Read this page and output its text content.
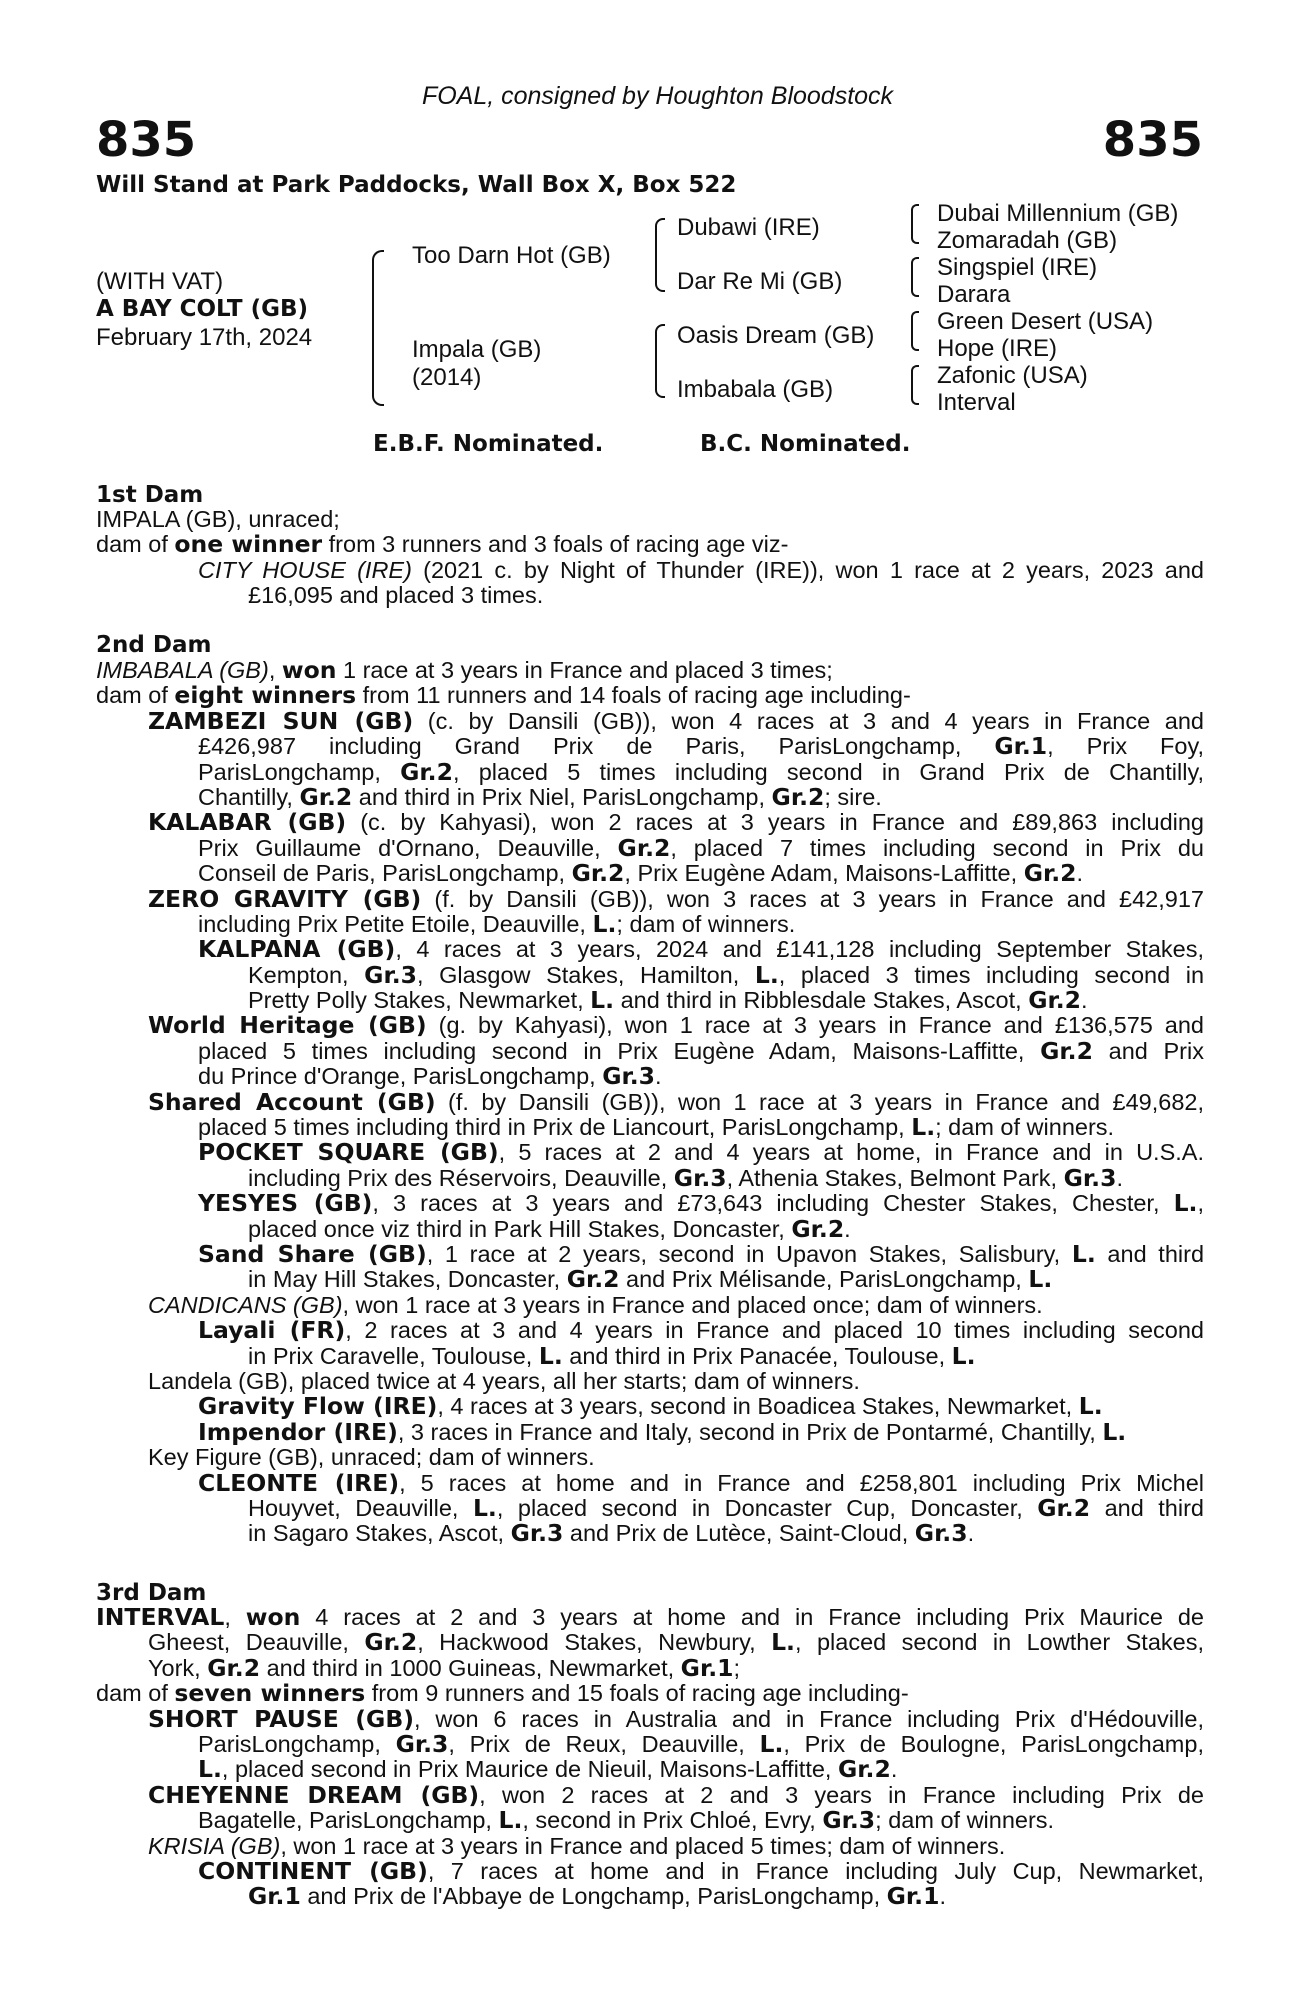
FOAL, consigned by Houghton Bloodstock
835	835
Will Stand at Park Paddocks, Wall Box X, Box 522
(WITH VAT)
A BAY COLT (GB)
February 17th, 2024
Too Darn Hot (GB)
Impala (GB)
(2014)
Dubawi (IRE)
Dar Re Mi (GB)
Oasis Dream (GB)
Imbabala (GB)
Dubai Millennium (GB)
Zomaradah (GB)
Singspiel (IRE)
Darara
Green Desert (USA)
Hope (IRE)
Zafonic (USA)
Interval
E.B.F. Nominated.	B.C. Nominated.
1st Dam
IMPALA (GB), unraced;
dam of one winner from 3 runners and 3 foals of racing age viz-
CITY HOUSE (IRE) (2021 c. by Night of Thunder (IRE)), won 1 race at 2 years, 2023 and
£16,095 and placed 3 times.
2nd Dam
IMBABALA (GB), won 1 race at 3 years in France and placed 3 times;
dam of eight winners from 11 runners and 14 foals of racing age including-
ZAMBEZI SUN (GB) (c. by Dansili (GB)), won 4 races at 3 and 4 years in France and
£426,987 including Grand Prix de Paris, ParisLongchamp, Gr.1, Prix Foy,
ParisLongchamp, Gr.2, placed 5 times including second in Grand Prix de Chantilly,
Chantilly, Gr.2 and third in Prix Niel, ParisLongchamp, Gr.2; sire.
KALABAR (GB) (c. by Kahyasi), won 2 races at 3 years in France and £89,863 including
Prix Guillaume d'Ornano, Deauville, Gr.2, placed 7 times including second in Prix du
Conseil de Paris, ParisLongchamp, Gr.2, Prix Eugène Adam, Maisons-Laffitte, Gr.2.
ZERO GRAVITY (GB) (f. by Dansili (GB)), won 3 races at 3 years in France and £42,917
including Prix Petite Etoile, Deauville, L.; dam of winners.
KALPANA (GB), 4 races at 3 years, 2024 and £141,128 including September Stakes,
Kempton, Gr.3, Glasgow Stakes, Hamilton, L., placed 3 times including second in
Pretty Polly Stakes, Newmarket, L. and third in Ribblesdale Stakes, Ascot, Gr.2.
World Heritage (GB) (g. by Kahyasi), won 1 race at 3 years in France and £136,575 and
placed 5 times including second in Prix Eugène Adam, Maisons-Laffitte, Gr.2 and Prix
du Prince d'Orange, ParisLongchamp, Gr.3.
Shared Account (GB) (f. by Dansili (GB)), won 1 race at 3 years in France and £49,682,
placed 5 times including third in Prix de Liancourt, ParisLongchamp, L.; dam of winners.
POCKET SQUARE (GB), 5 races at 2 and 4 years at home, in France and in U.S.A.
including Prix des Réservoirs, Deauville, Gr.3, Athenia Stakes, Belmont Park, Gr.3.
YESYES (GB), 3 races at 3 years and £73,643 including Chester Stakes, Chester, L.,
placed once viz third in Park Hill Stakes, Doncaster, Gr.2.
Sand Share (GB), 1 race at 2 years, second in Upavon Stakes, Salisbury, L. and third
in May Hill Stakes, Doncaster, Gr.2 and Prix Mélisande, ParisLongchamp, L.
CANDICANS (GB), won 1 race at 3 years in France and placed once; dam of winners.
Layali (FR), 2 races at 3 and 4 years in France and placed 10 times including second
in Prix Caravelle, Toulouse, L. and third in Prix Panacée, Toulouse, L.
Landela (GB), placed twice at 4 years, all her starts; dam of winners.
Gravity Flow (IRE), 4 races at 3 years, second in Boadicea Stakes, Newmarket, L.
Impendor (IRE), 3 races in France and Italy, second in Prix de Pontarmé, Chantilly, L.
Key Figure (GB), unraced; dam of winners.
CLEONTE (IRE), 5 races at home and in France and £258,801 including Prix Michel
Houyvet, Deauville, L., placed second in Doncaster Cup, Doncaster, Gr.2 and third
in Sagaro Stakes, Ascot, Gr.3 and Prix de Lutèce, Saint-Cloud, Gr.3.
3rd Dam
INTERVAL, won 4 races at 2 and 3 years at home and in France including Prix Maurice de
Gheest, Deauville, Gr.2, Hackwood Stakes, Newbury, L., placed second in Lowther Stakes,
York, Gr.2 and third in 1000 Guineas, Newmarket, Gr.1;
dam of seven winners from 9 runners and 15 foals of racing age including-
SHORT PAUSE (GB), won 6 races in Australia and in France including Prix d'Hédouville,
ParisLongchamp, Gr.3, Prix de Reux, Deauville, L., Prix de Boulogne, ParisLongchamp,
L., placed second in Prix Maurice de Nieuil, Maisons-Laffitte, Gr.2.
CHEYENNE DREAM (GB), won 2 races at 2 and 3 years in France including Prix de
Bagatelle, ParisLongchamp, L., second in Prix Chloé, Evry, Gr.3; dam of winners.
KRISIA (GB), won 1 race at 3 years in France and placed 5 times; dam of winners.
CONTINENT (GB), 7 races at home and in France including July Cup, Newmarket,
Gr.1 and Prix de l'Abbaye de Longchamp, ParisLongchamp, Gr.1.
